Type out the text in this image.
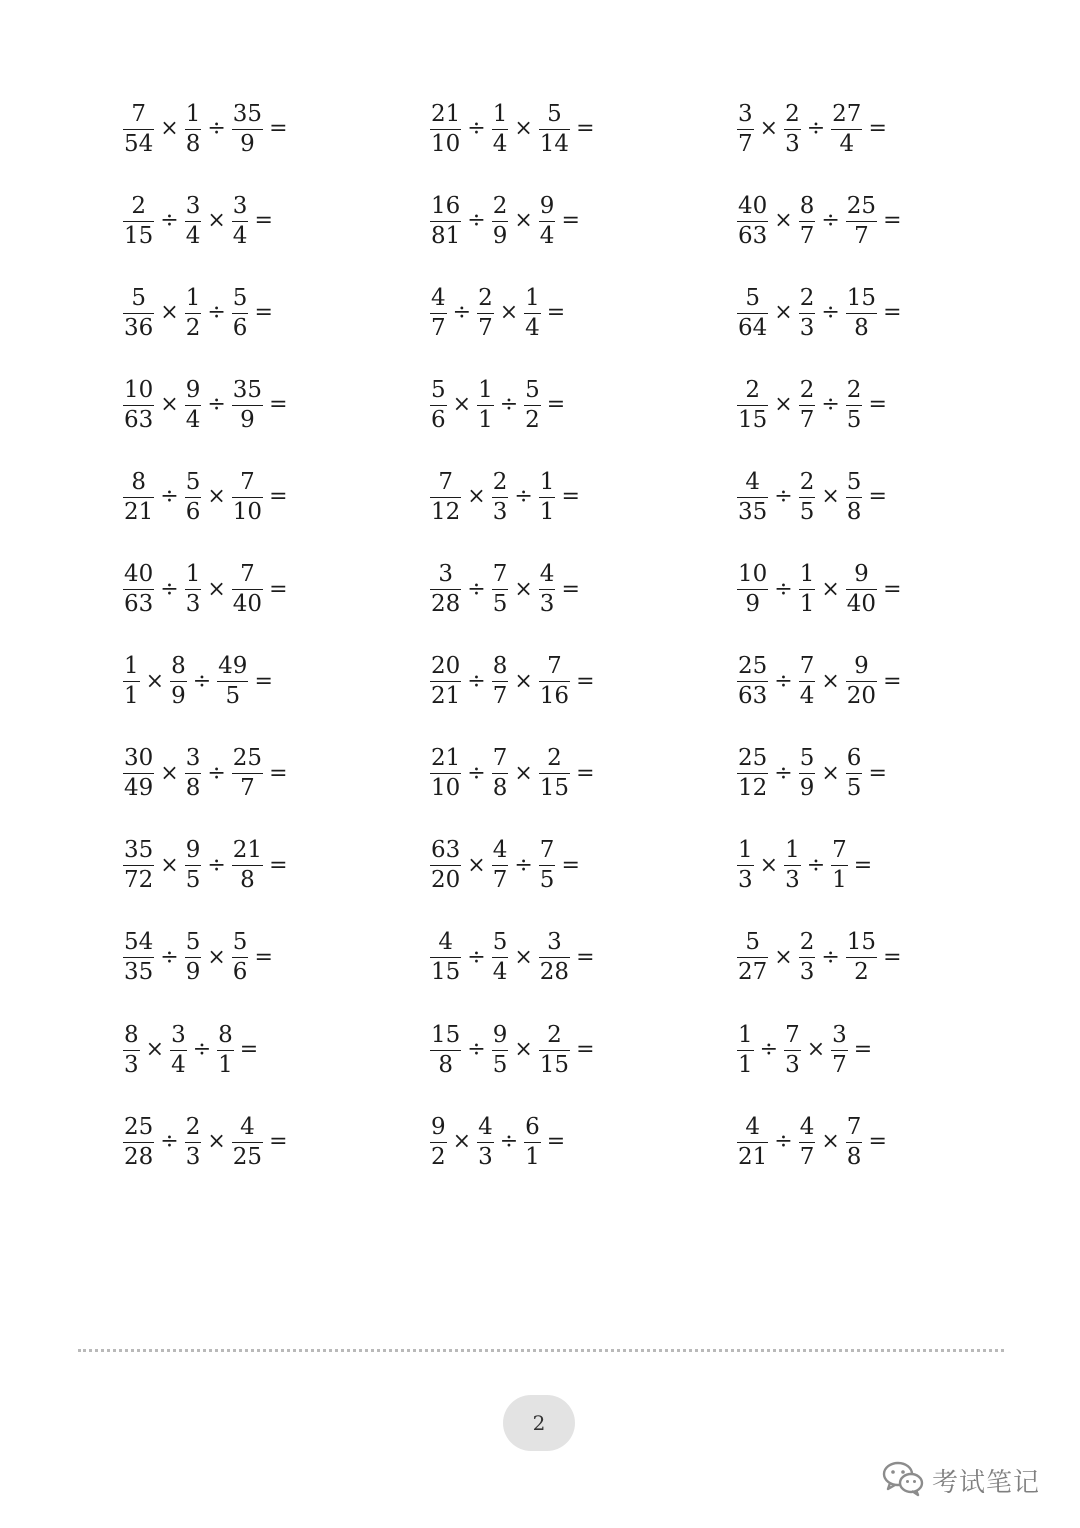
$\frac{7}{54} \times \frac{1}{8} \div \frac{35}{9}$ =	$\frac{21}{10} \div \frac{1}{4} \times \frac{5}{14}$ =	$\frac{3}{7} \times \frac{2}{3} \div \frac{27}{4}$ =
$\frac{2}{15} \div \frac{3}{4} \times \frac{3}{4}$ =	$\frac{16}{81} \div \frac{2}{9} \times \frac{9}{4}$ =	$\frac{40}{63} \times \frac{8}{7} \div \frac{25}{7}$ =
$\frac{5}{36} \times \frac{1}{2} \div \frac{5}{6}$ =	$\frac{4}{7} \div \frac{2}{7} \times \frac{1}{4}$ =	$\frac{5}{64} \times \frac{2}{3} \div \frac{15}{8}$ =
$\frac{10}{63} \times \frac{9}{4} \div \frac{35}{9}$ =	$\frac{5}{6} \times \frac{1}{1} \div \frac{5}{2}$ =	$\frac{2}{15} \times \frac{2}{7} \div \frac{2}{5}$ =
$\frac{8}{21} \div \frac{5}{6} \times \frac{7}{10}$ =	$\frac{7}{12} \times \frac{2}{3} \div \frac{1}{1}$ =	$\frac{4}{35} \div \frac{2}{5} \times \frac{5}{8}$ =
$\frac{40}{63} \div \frac{1}{3} \times \frac{7}{40}$ =	$\frac{3}{28} \div \frac{7}{5} \times \frac{4}{3}$ =	$\frac{10}{9} \div \frac{1}{1} \times \frac{9}{40}$ =
$\frac{1}{1} \times \frac{8}{9} \div \frac{49}{5}$ =	$\frac{20}{21} \div \frac{8}{7} \times \frac{7}{16}$ =	$\frac{25}{63} \div \frac{7}{4} \times \frac{9}{20}$ =
$\frac{30}{49} \times \frac{3}{8} \div \frac{25}{7}$ =	$\frac{21}{10} \div \frac{7}{8} \times \frac{2}{15}$ =	$\frac{25}{12} \div \frac{5}{9} \times \frac{6}{5}$ =
$\frac{35}{72} \times \frac{9}{5} \div \frac{21}{8}$ =	$\frac{63}{20} \times \frac{4}{7} \div \frac{7}{5}$ =	$\frac{1}{3} \times \frac{1}{3} \div \frac{7}{1}$ =
$\frac{54}{35} \div \frac{5}{9} \times \frac{5}{6}$ =	$\frac{4}{15} \div \frac{5}{4} \times \frac{3}{28}$ =	$\frac{5}{27} \times \frac{2}{3} \div \frac{15}{2}$ =
$\frac{8}{3} \times \frac{3}{4} \div \frac{8}{1}$ =	$\frac{15}{8} \div \frac{9}{5} \times \frac{2}{15}$ =	$\frac{1}{1} \div \frac{7}{3} \times \frac{3}{7}$ =
$\frac{25}{28} \div \frac{2}{3} \times \frac{4}{25}$ =	$\frac{9}{2} \times \frac{4}{3} \div \frac{6}{1}$ =	$\frac{4}{21} \div \frac{4}{7} \times \frac{7}{8}$ =
2
考试笔记
